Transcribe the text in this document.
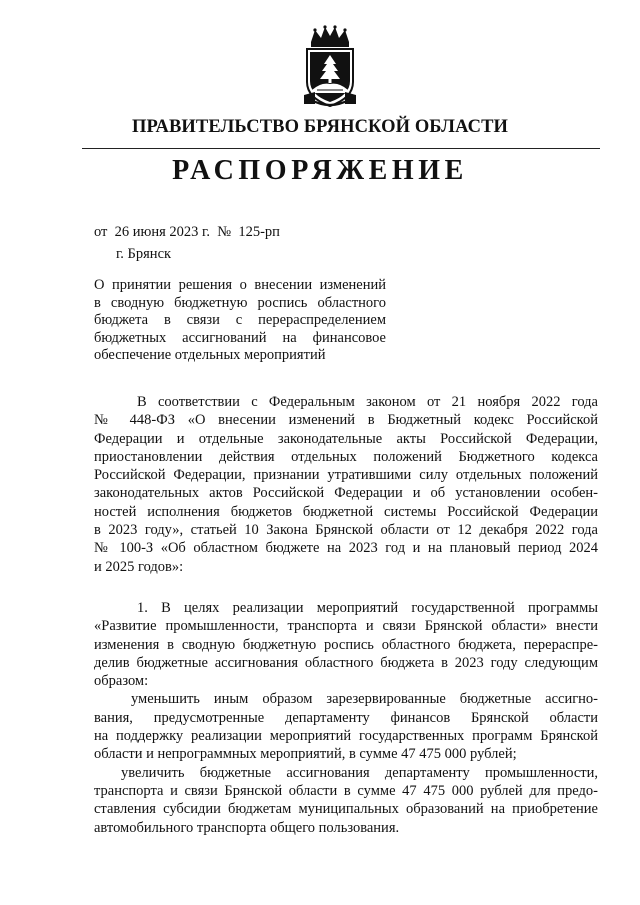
ПРАВИТЕЛЬСТВО БРЯНСКОЙ ОБЛАСТИ
РАСПОРЯЖЕНИЕ
от  26 июня 2023 г.  №  125-рп
г. Брянск
О принятии решения о внесении изменений
в сводную бюджетную роспись областного
бюджета в связи с перераспределением
бюджетных ассигнований на финансовое
обеспечение отдельных мероприятий
В соответствии с Федеральным законом от 21 ноября 2022 года
№ 448-ФЗ «О внесении изменений в Бюджетный кодекс Российской
Федерации и отдельные законодательные акты Российской Федерации,
приостановлении действия отдельных положений Бюджетного кодекса
Российской Федерации, признании утратившими силу отдельных положений
законодательных актов Российской Федерации и об установлении особен-
ностей исполнения бюджетов бюджетной системы Российской Федерации
в 2023 году», статьей 10 Закона Брянской области от 12 декабря 2022 года
№ 100-З «Об областном бюджете на 2023 год и на плановый период 2024
и 2025 годов»:
1. В целях реализации мероприятий государственной программы
«Развитие промышленности, транспорта и связи Брянской области» внести
изменения в сводную бюджетную роспись областного бюджета, перераспре-
делив бюджетные ассигнования областного бюджета в 2023 году следующим
образом:
уменьшить иным образом зарезервированные бюджетные ассигно-
вания, предусмотренные департаменту финансов Брянской области
на поддержку реализации мероприятий государственных программ Брянской
области и непрограммных мероприятий, в сумме 47 475 000 рублей;
увеличить бюджетные ассигнования департаменту промышленности,
транспорта и связи Брянской области в сумме 47 475 000 рублей для предо-
ставления субсидии бюджетам муниципальных образований на приобретение
автомобильного транспорта общего пользования.
